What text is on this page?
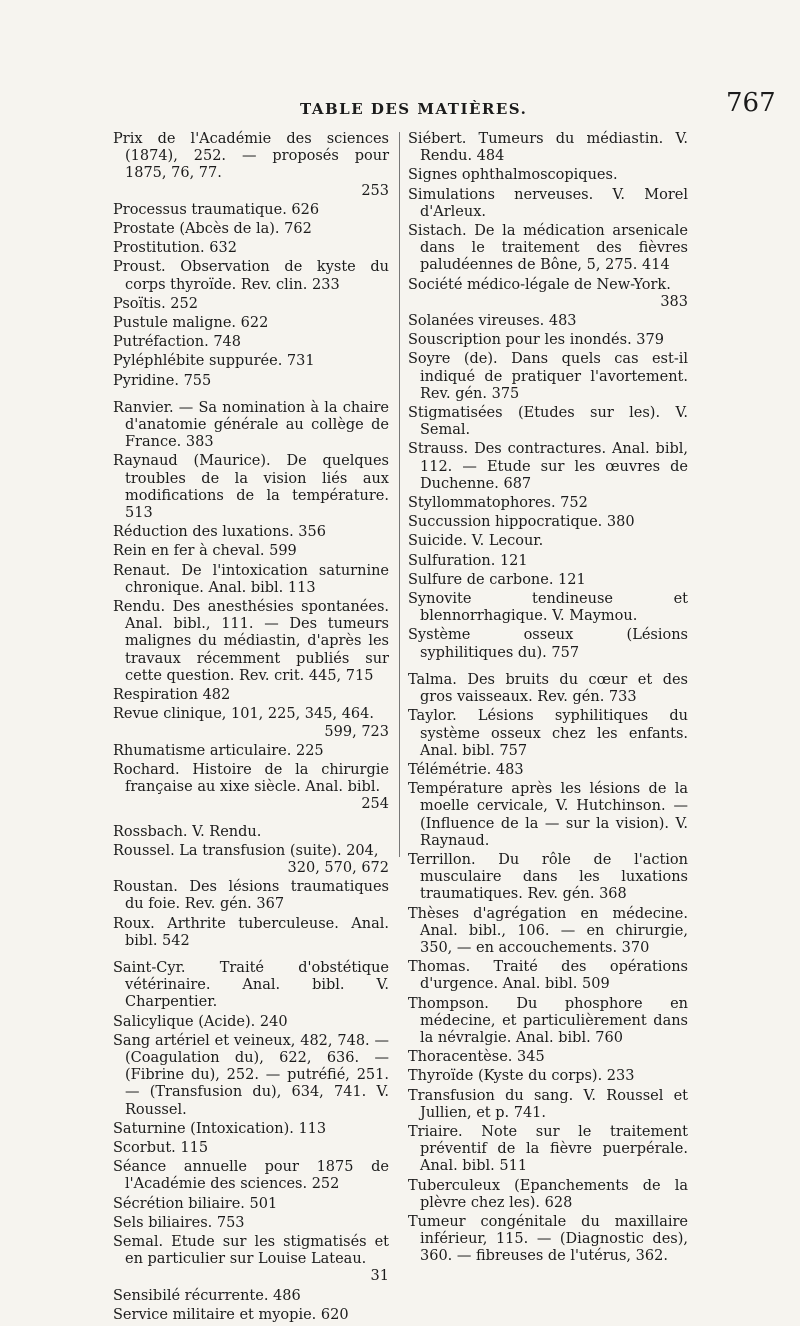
TABLE DES MATIÈRES.	767

Prix de l'Académie des sciences (1874), 252. — proposés pour 1875, 76, 77.
253

Processus traumatique. 626

Prostate (Abcès de la). 762

Prostitution. 632

Proust. Observation de kyste du corps thyroïde. Rev. clin. 233

Psoïtis. 252

Pustule maligne. 622

Putréfaction. 748

Pyléphlébite suppurée. 731

Pyridine. 755

Ranvier. — Sa nomination à la chaire d'anatomie générale au collège de France. 383

Raynaud (Maurice). De quelques troubles de la vision liés aux modifications de la température. 513

Réduction des luxations. 356

Rein en fer à cheval. 599

Renaut. De l'intoxication saturnine chronique. Anal. bibl. 113

Rendu. Des anesthésies spontanées. Anal. bibl., 111. — Des tumeurs malignes du médiastin, d'après les travaux récemment publiés sur cette question. Rev. crit. 445, 715

Respiration 482

Revue clinique, 101, 225, 345, 464.
599, 723

Rhumatisme articulaire. 225

Rochard. Histoire de la chirurgie française au xixe siècle. Anal. bibl.
254

Rossbach. V. Rendu.

Roussel. La transfusion (suite). 204,
320, 570, 672

Roustan. Des lésions traumatiques du foie. Rev. gén. 367

Roux. Arthrite tuberculeuse. Anal. bibl. 542

Saint-Cyr. Traité d'obstétique vétérinaire. Anal. bibl. V. Charpentier.

Salicylique (Acide). 240

Sang artériel et veineux, 482, 748. — (Coagulation du), 622, 636. — (Fibrine du), 252. — putréfié, 251. — (Transfusion du), 634, 741. V. Roussel.

Saturnine (Intoxication). 113

Scorbut. 115

Séance annuelle pour 1875 de l'Académie des sciences. 252

Sécrétion biliaire. 501

Sels biliaires. 753

Semal. Etude sur les stigmatisés et en particulier sur Louise Lateau.
31

Sensibilé récurrente. 486

Service militaire et myopie. 620

Siébert. Tumeurs du médiastin. V. Rendu. 484

Signes ophthalmoscopiques.

Simulations nerveuses. V. Morel d'Arleux.

Sistach. De la médication arsenicale dans le traitement des fièvres paludéennes de Bône, 5, 275. 414

Société médico-légale de New-York.
383

Solanées vireuses. 483

Souscription pour les inondés. 379

Soyre (de). Dans quels cas est-il indiqué de pratiquer l'avortement. Rev. gén. 375

Stigmatisées (Etudes sur les). V. Semal.

Strauss. Des contractures. Anal. bibl, 112. — Etude sur les œuvres de Duchenne. 687

Styllommatophores. 752

Succussion hippocratique. 380

Suicide. V. Lecour.

Sulfuration. 121

Sulfure de carbone. 121

Synovite tendineuse et blennorrhagique. V. Maymou.

Système osseux (Lésions syphilitiques du). 757

Talma. Des bruits du cœur et des gros vaisseaux. Rev. gén. 733

Taylor. Lésions syphilitiques du système osseux chez les enfants. Anal. bibl. 757

Télémétrie. 483

Température après les lésions de la moelle cervicale, V. Hutchinson. — (Influence de la — sur la vision). V. Raynaud.

Terrillon. Du rôle de l'action musculaire dans les luxations traumatiques. Rev. gén. 368

Thèses d'agrégation en médecine. Anal. bibl., 106. — en chirurgie, 350, — en accouchements. 370

Thomas. Traité des opérations d'urgence. Anal. bibl. 509

Thompson. Du phosphore en médecine, et particulièrement dans la névralgie. Anal. bibl. 760

Thoracentèse. 345

Thyroïde (Kyste du corps). 233

Transfusion du sang. V. Roussel et Jullien, et p. 741.

Triaire. Note sur le traitement préventif de la fièvre puerpérale. Anal. bibl. 511

Tuberculeux (Epanchements de la plèvre chez les). 628

Tumeur congénitale du maxillaire inférieur, 115. — (Diagnostic des), 360. — fibreuses de l'utérus, 362.
